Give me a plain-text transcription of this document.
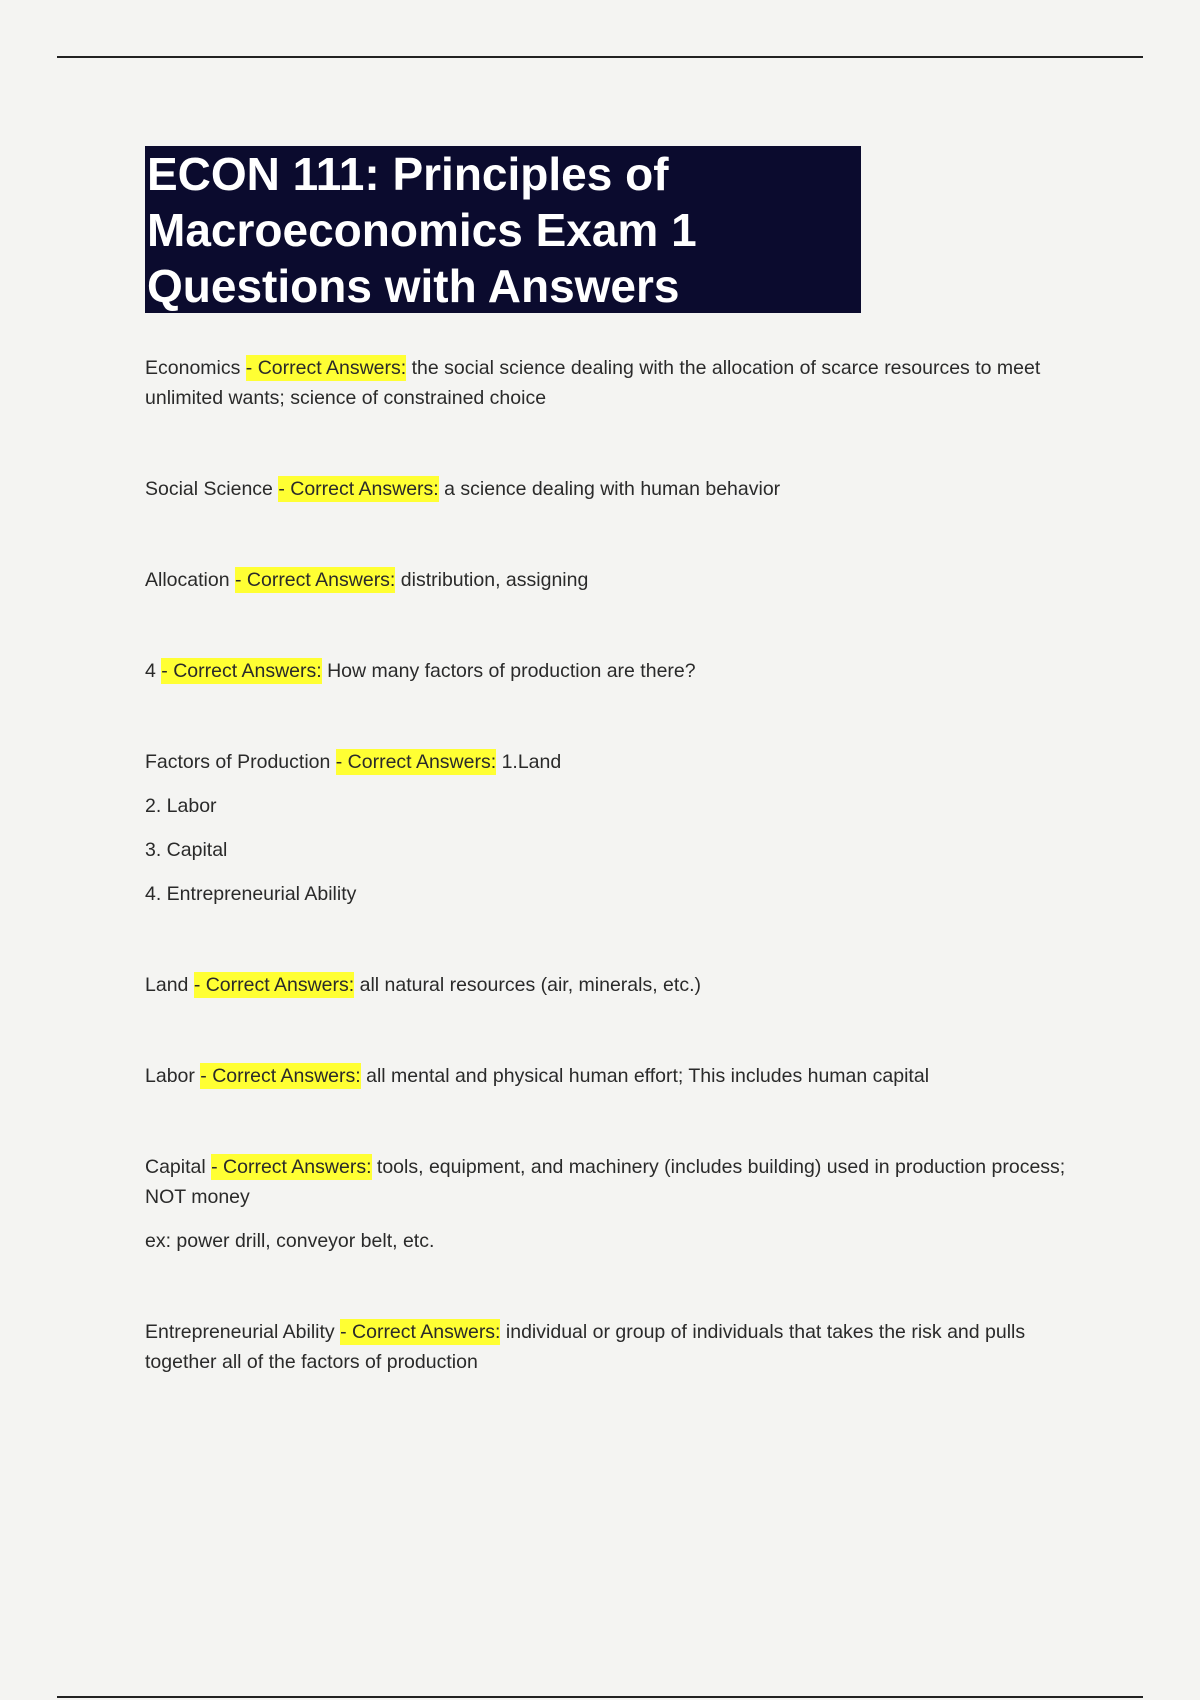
ECON 111: Principles of
Macroeconomics Exam 1
Questions with Answers

Economics - Correct Answers: the social science dealing with the allocation of scarce resources to meet unlimited wants; science of constrained choice

Social Science - Correct Answers: a science dealing with human behavior

Allocation - Correct Answers: distribution, assigning

4 - Correct Answers: How many factors of production are there?

Factors of Production - Correct Answers: 1.Land

2. Labor

3. Capital

4. Entrepreneurial Ability

Land - Correct Answers: all natural resources (air, minerals, etc.)

Labor - Correct Answers: all mental and physical human effort; This includes human capital

Capital - Correct Answers: tools, equipment, and machinery (includes building) used in production process; NOT money

ex: power drill, conveyor belt, etc.

Entrepreneurial Ability - Correct Answers: individual or group of individuals that takes the risk and pulls together all of the factors of production
